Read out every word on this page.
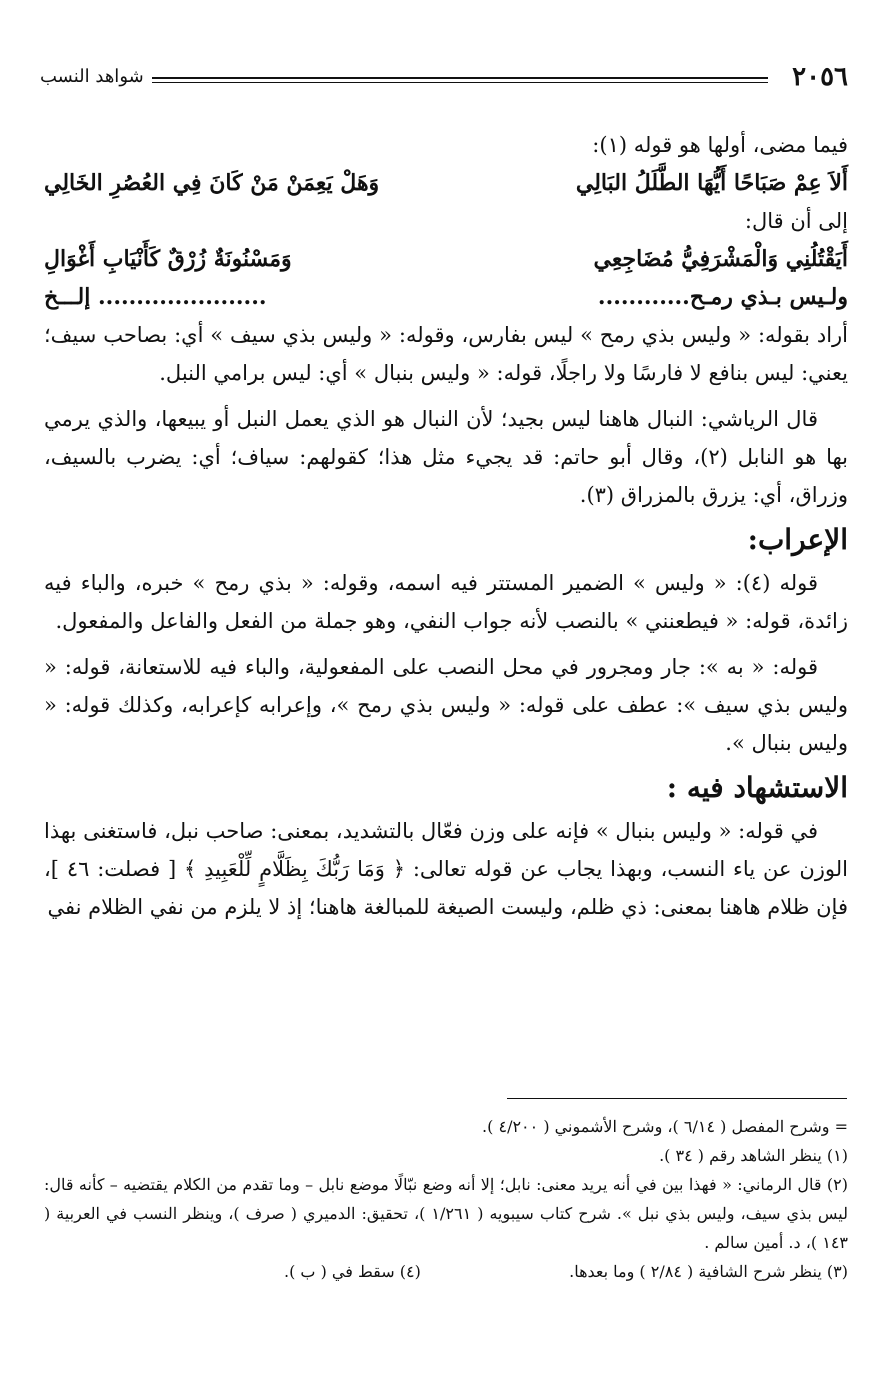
٢٠٥٦
شواهد النسب

فيما مضى، أولها هو قوله (١):

أَلاَ عِمْ صَبَاحًا أَيُّهَا الطَّلَلُ البَالِي
وَهَلْ يَعِمَنْ مَنْ كَانَ فِي العُصُرِ الخَالِي

إلى أن قال:

أَيَقْتُلُنِي وَالْمَشْرَفِيُّ مُضَاجِعِي
وَمَسْنُونَةٌ زُرْقٌ كَأَنْيَابِ أَغْوَالِ
ولـيس بـذي رمـح............
...................... إلـــخ

أراد بقوله: « وليس بذي رمح » ليس بفارس، وقوله: « وليس بذي سيف » أي: بصاحب سيف؛ يعني: ليس بنافع لا فارسًا ولا راجلًا، قوله: « وليس بنبال » أي: ليس برامي النبل.

قال الرياشي: النبال هاهنا ليس بجيد؛ لأن النبال هو الذي يعمل النبل أو يبيعها، والذي يرمي بها هو النابل (٢)، وقال أبو حاتم: قد يجيء مثل هذا؛ كقولهم: سياف؛ أي: يضرب بالسيف، وزراق، أي: يزرق بالمزراق (٣).

الإعراب:

قوله (٤): « وليس » الضمير المستتر فيه اسمه، وقوله: « بذي رمح » خبره، والباء فيه زائدة، قوله: « فيطعنني » بالنصب لأنه جواب النفي، وهو جملة من الفعل والفاعل والمفعول.

قوله: « به »: جار ومجرور في محل النصب على المفعولية، والباء فيه للاستعانة، قوله: « وليس بذي سيف »: عطف على قوله: « وليس بذي رمح »، وإعرابه كإعرابه، وكذلك قوله: « وليس بنبال ».

الاستشهاد فيه :

في قوله: « وليس بنبال » فإنه على وزن فعّال بالتشديد، بمعنى: صاحب نبل، فاستغنى بهذا الوزن عن ياء النسب، وبهذا يجاب عن قوله تعالى: ﴿ وَمَا رَبُّكَ بِظَلَّامٍ لِّلْعَبِيدِ ﴾ [ فصلت: ٤٦ ]، فإن ظلام هاهنا بمعنى: ذي ظلم، وليست الصيغة للمبالغة هاهنا؛ إذ لا يلزم من نفي الظلام نفي

= وشرح المفصل ( ٦/١٤ )، وشرح الأشموني ( ٤/٢٠٠ ).

(١) ينظر الشاهد رقم ( ٣٤ ).

(٢) قال الرماني: « فهذا بين في أنه يريد معنى: نابل؛ إلا أنه وضع نبّالًا موضع نابل – وما تقدم من الكلام يقتضيه – كأنه قال: ليس بذي سيف، وليس بذي نبل ». شرح كتاب سيبويه ( ١/٢٦١ )، تحقيق: الدميري ( صرف )، وينظر النسب في العربية ( ١٤٣ )، د. أمين سالم .

(٣) ينظر شرح الشافية ( ٢/٨٤ ) وما بعدها.
(٤) سقط في ( ب ).
